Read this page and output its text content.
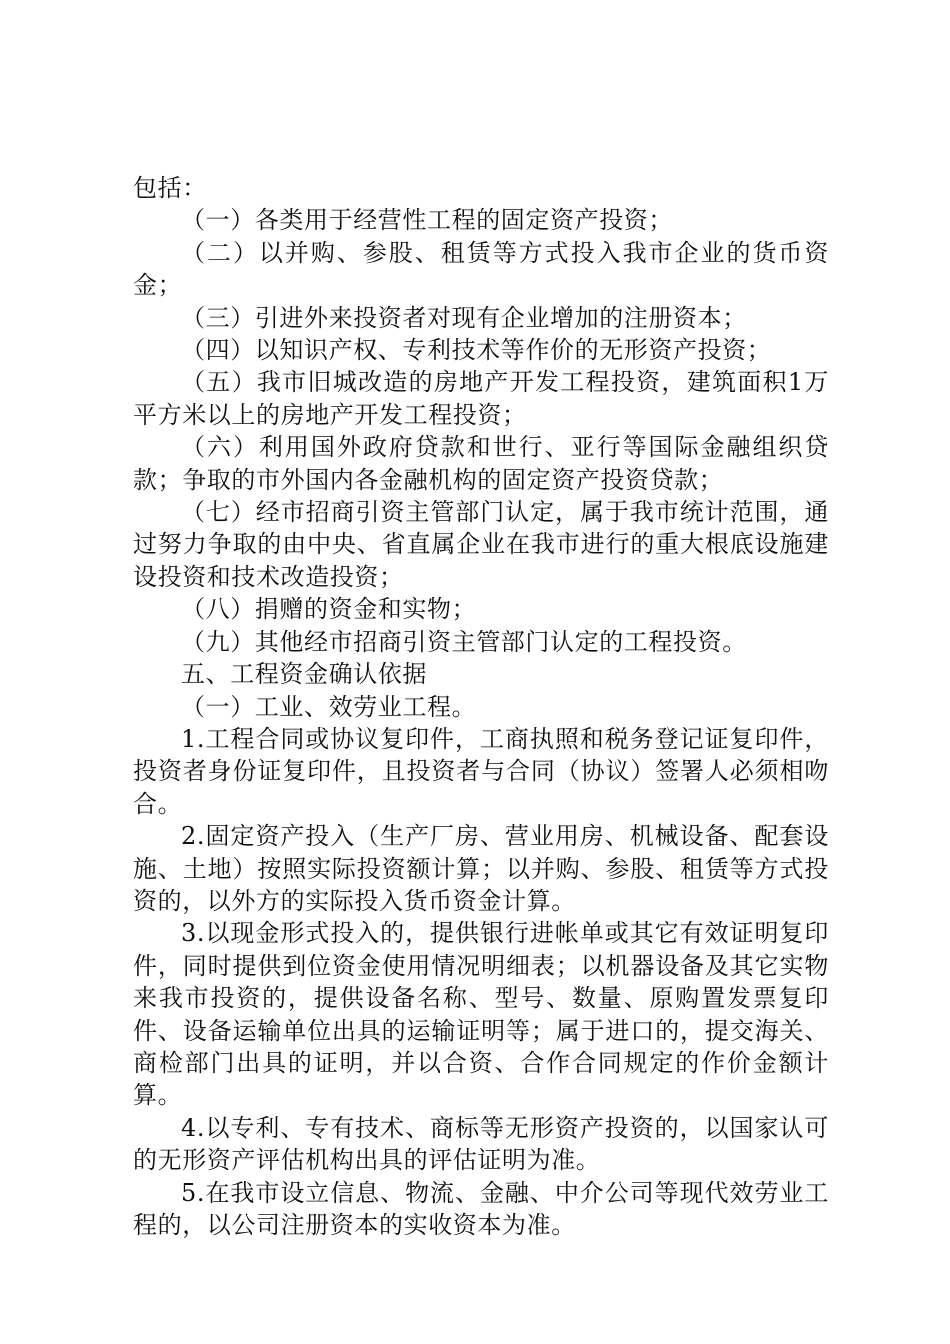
包括：

（一）各类用于经营性工程的固定资产投资；

（二）以并购、参股、租赁等方式投入我市企业的货币资金；

（三）引进外来投资者对现有企业增加的注册资本；

（四）以知识产权、专利技术等作价的无形资产投资；

（五）我市旧城改造的房地产开发工程投资，建筑面积1万平方米以上的房地产开发工程投资；

（六）利用国外政府贷款和世行、亚行等国际金融组织贷款；争取的市外国内各金融机构的固定资产投资贷款；

（七）经市招商引资主管部门认定，属于我市统计范围，通过努力争取的由中央、省直属企业在我市进行的重大根底设施建设投资和技术改造投资；

（八）捐赠的资金和实物；

（九）其他经市招商引资主管部门认定的工程投资。

五、工程资金确认依据

（一）工业、效劳业工程。

1.工程合同或协议复印件，工商执照和税务登记证复印件，投资者身份证复印件，且投资者与合同（协议）签署人必须相吻合。

2.固定资产投入（生产厂房、营业用房、机械设备、配套设施、土地）按照实际投资额计算；以并购、参股、租赁等方式投资的，以外方的实际投入货币资金计算。

3.以现金形式投入的，提供银行进帐单或其它有效证明复印件，同时提供到位资金使用情况明细表；以机器设备及其它实物来我市投资的，提供设备名称、型号、数量、原购置发票复印件、设备运输单位出具的运输证明等；属于进口的，提交海关、商检部门出具的证明，并以合资、合作合同规定的作价金额计算。

4.以专利、专有技术、商标等无形资产投资的，以国家认可的无形资产评估机构出具的评估证明为准。

5.在我市设立信息、物流、金融、中介公司等现代效劳业工程的，以公司注册资本的实收资本为准。
